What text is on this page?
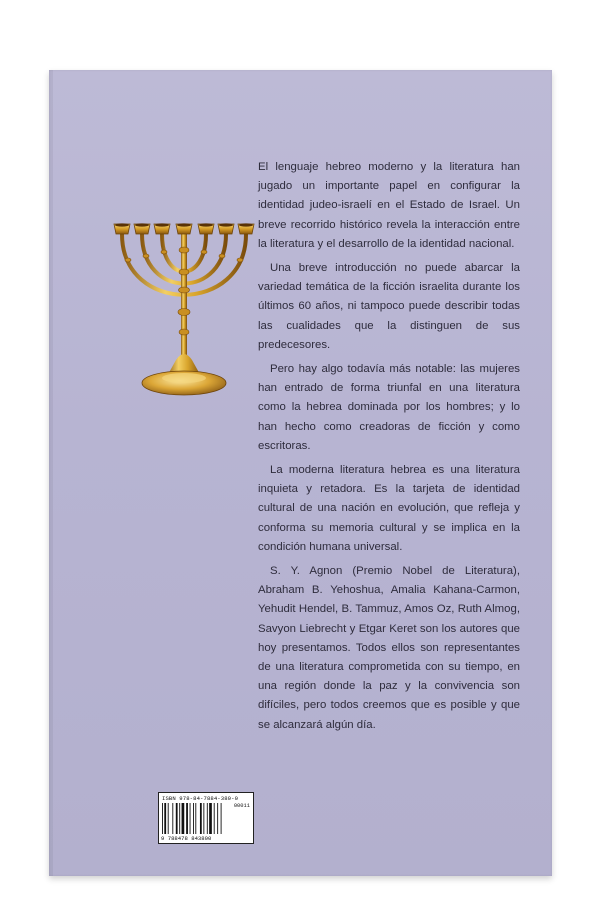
ISBN 978-84-7884-380-0
00011
9 788478 843800

El lenguaje hebreo moderno y la literatura han jugado un importante papel en configurar la identidad judeo-israelí en el Estado de Israel. Un breve recorrido histórico revela la interacción entre la literatura y el desarrollo de la identidad nacional.

Una breve introducción no puede abarcar la variedad temática de la ficción israelita durante los últimos 60 años, ni tampoco puede describir todas las cualidades que la distinguen de sus predecesores.

Pero hay algo todavía más notable: las mujeres han entrado de forma triunfal en una literatura como la hebrea dominada por los hombres; y lo han hecho como creadoras de ficción y como escritoras.

La moderna literatura hebrea es una literatura inquieta y retadora. Es la tarjeta de identidad cultural de una nación en evolución, que refleja y conforma su memoria cultural y se implica en la condición humana universal.

S. Y. Agnon (Premio Nobel de Literatura), Abraham B. Yehoshua, Amalia Kahana-Carmon, Yehudit Hendel, B. Tammuz, Amos Oz, Ruth Almog, Savyon Liebrecht y Etgar Keret son los autores que hoy presentamos. Todos ellos son representantes de una literatura comprometida con su tiempo, en una región donde la paz y la convivencia son difíciles, pero todos creemos que es posible y que se alcanzará algún día.
